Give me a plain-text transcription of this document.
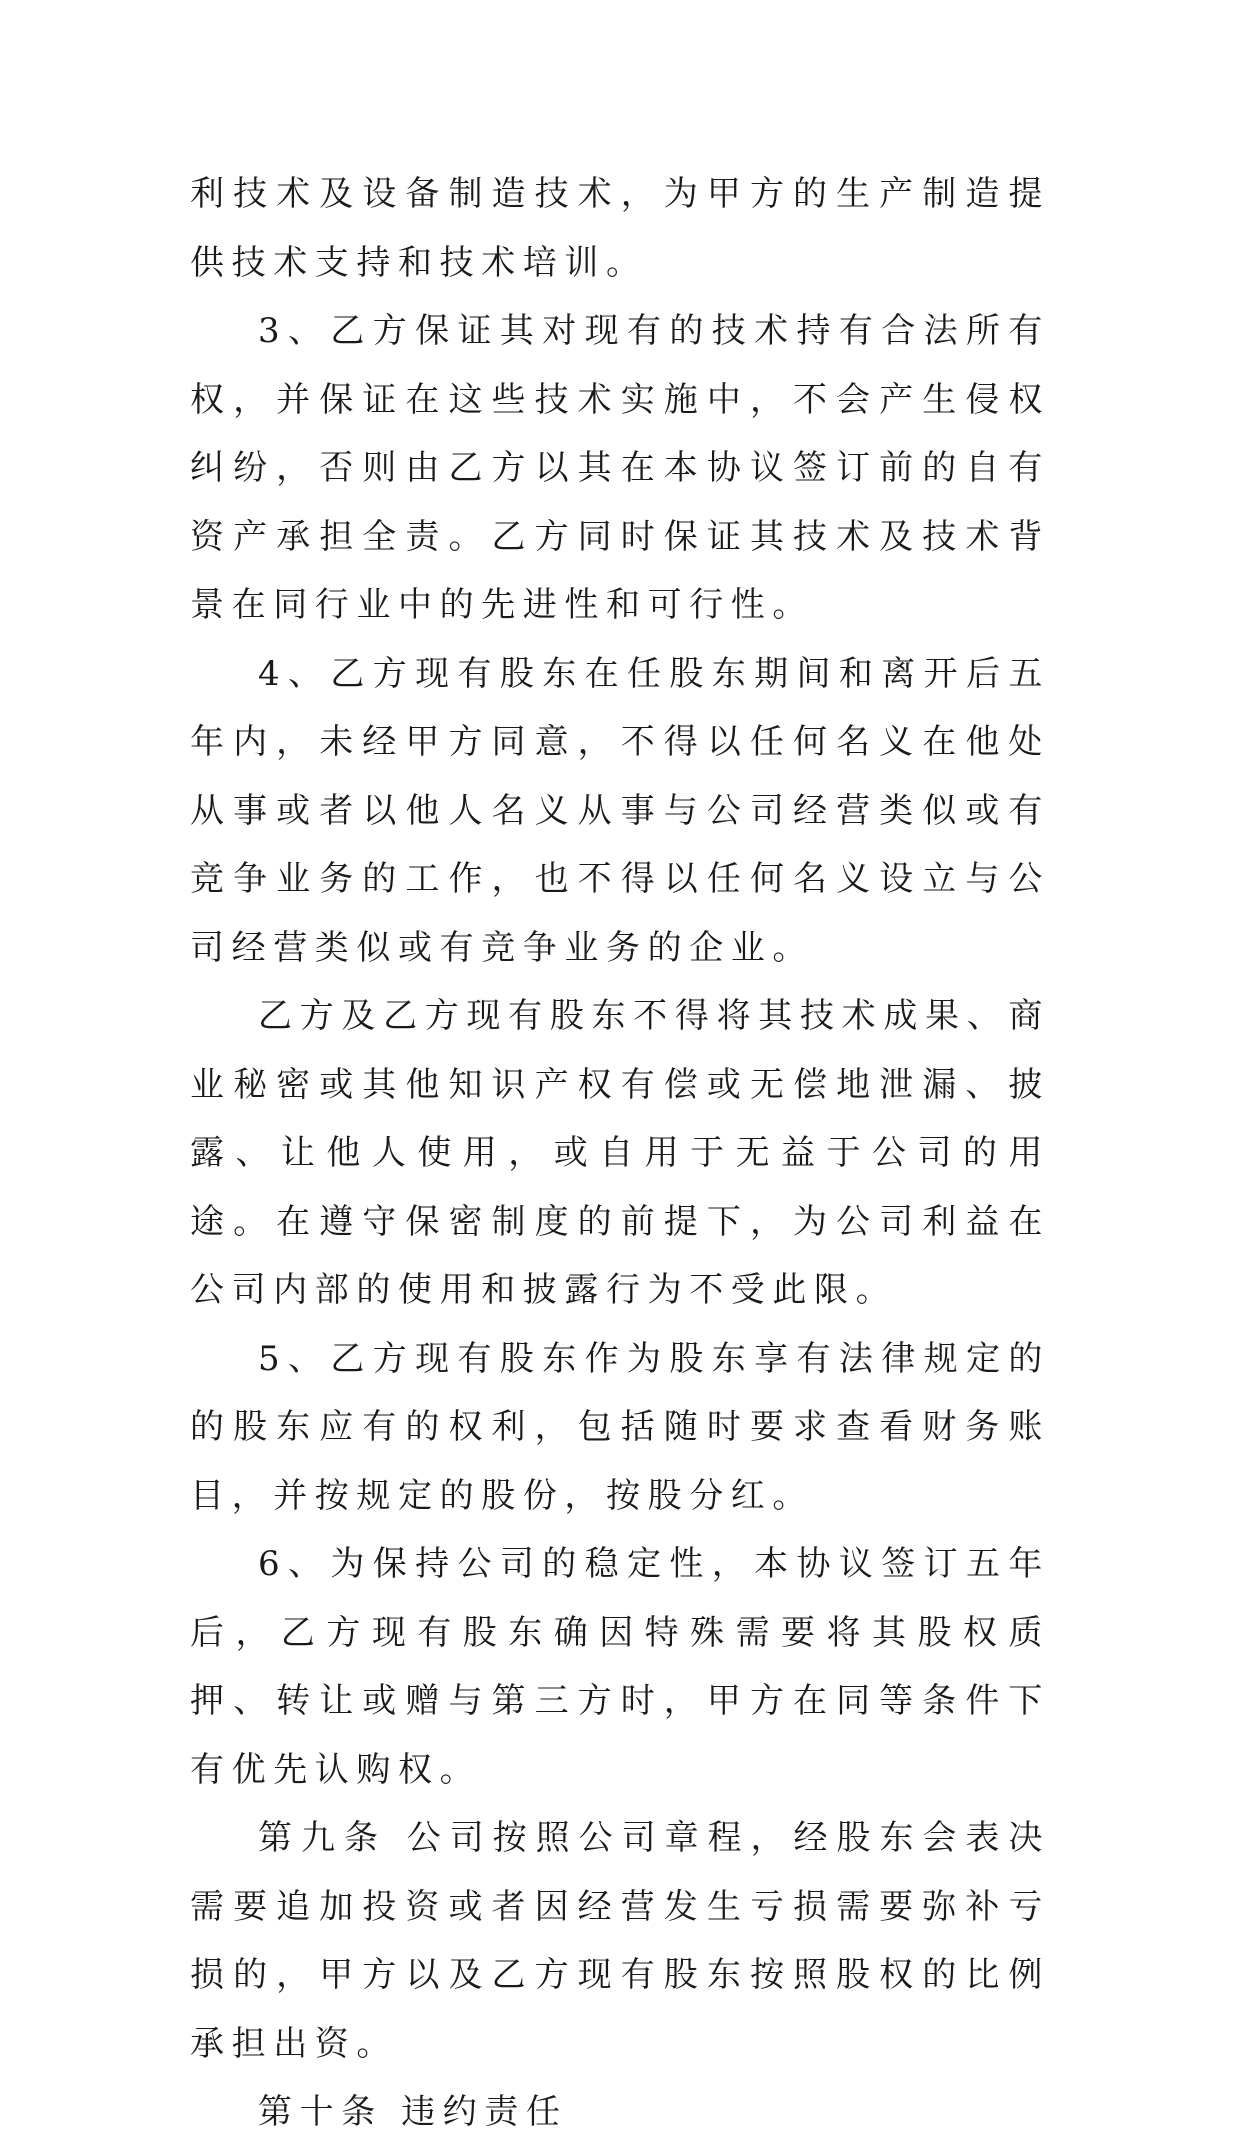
利技术及设备制造技术，为甲方的生产制造提供技术支持和技术培训。

3、乙方保证其对现有的技术持有合法所有权，并保证在这些技术实施中，不会产生侵权纠纷，否则由乙方以其在本协议签订前的自有资产承担全责。乙方同时保证其技术及技术背景在同行业中的先进性和可行性。

4、乙方现有股东在任股东期间和离开后五年内，未经甲方同意，不得以任何名义在他处从事或者以他人名义从事与公司经营类似或有竞争业务的工作，也不得以任何名义设立与公司经营类似或有竞争业务的企业。

乙方及乙方现有股东不得将其技术成果、商业秘密或其他知识产权有偿或无偿地泄漏、披露、让他人使用，或自用于无益于公司的用途。在遵守保密制度的前提下，为公司利益在公司内部的使用和披露行为不受此限。

5、乙方现有股东作为股东享有法律规定的的股东应有的权利，包括随时要求查看财务账目，并按规定的股份，按股分红。

6、为保持公司的稳定性，本协议签订五年后，乙方现有股东确因特殊需要将其股权质押、转让或赠与第三方时，甲方在同等条件下有优先认购权。

第九条 公司按照公司章程，经股东会表决需要追加投资或者因经营发生亏损需要弥补亏损的，甲方以及乙方现有股东按照股权的比例承担出资。

第十条 违约责任
